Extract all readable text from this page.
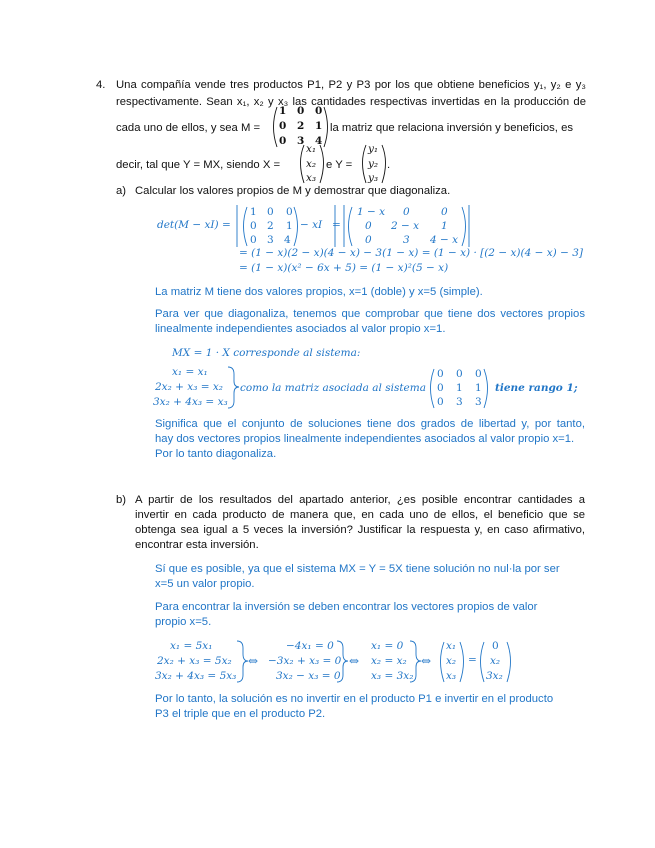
4. Una compañía vende tres productos P1, P2 y P3 por los que obtiene beneficios y₁, y₂ e y₃
respectivamente. Sean x₁, x₂ y x₃ las cantidades respectivas invertidas en la producción de
cada uno de ellos, y sea M =
1 0 0
0 2 1
0 3 4
la matriz que relaciona inversión y beneficios, es
decir, tal que Y = MX, siendo X =
x₁
x₂
x₃
e Y =
y₁
y₂
y₃
.
a) Calcular los valores propios de M y demostrar que diagonaliza.
det(M − xI) =
1 0 0
0 2 1
0 3 4
− xI =
1 − x 0	0
0 2 − x 1
0	3 4 − x
= (1 − x)(2 − x)(4 − x) − 3(1 − x) = (1 − x) · [(2 − x)(4 − x) − 3]
= (1 − x)(x² − 6x + 5) = (1 − x)²(5 − x)
La matriz M tiene dos valores propios, x=1 (doble) y x=5 (simple).
Para ver que diagonaliza, tenemos que comprobar que tiene dos vectores propios
linealmente independientes asociados al valor propio x=1.
MX = 1 · X corresponde al sistema:
x₁ = x₁
2x₂ + x₃ = x₂
3x₂ + 4x₃ = x₃
como la matriz asociada al sistema
0 0 0
0 1 1
0 3 3
tiene rango 1;
Significa que el conjunto de soluciones tiene dos grados de libertad y, por tanto,
hay dos vectores propios linealmente independientes asociados al valor propio x=1.
Por lo tanto diagonaliza.
b) A partir de los resultados del apartado anterior, ¿es posible encontrar cantidades a
invertir en cada producto de manera que, en cada uno de ellos, el beneficio que se
obtenga sea igual a 5 veces la inversión? Justificar la respuesta y, en caso afirmativo,
encontrar esta inversión.
Sí que es posible, ya que el sistema MX = Y = 5X tiene solución no nul·la por ser
x=5 un valor propio.
Para encontrar la inversión se deben encontrar los vectores propios de valor
propio x=5.
x₁ = 5x₁
2x₂ + x₃ = 5x₂
3x₂ + 4x₃ = 5x₃
⇔
−4x₁ = 0
−3x₂ + x₃ = 0
3x₂ − x₃ = 0
⇔
x₁ = 0
x₂ = x₂
x₃ = 3x₂
⇔
x₁
x₂
x₃
=
0
x₂
3x₂
Por lo tanto, la solución es no invertir en el producto P1 e invertir en el producto
P3 el triple que en el producto P2.
